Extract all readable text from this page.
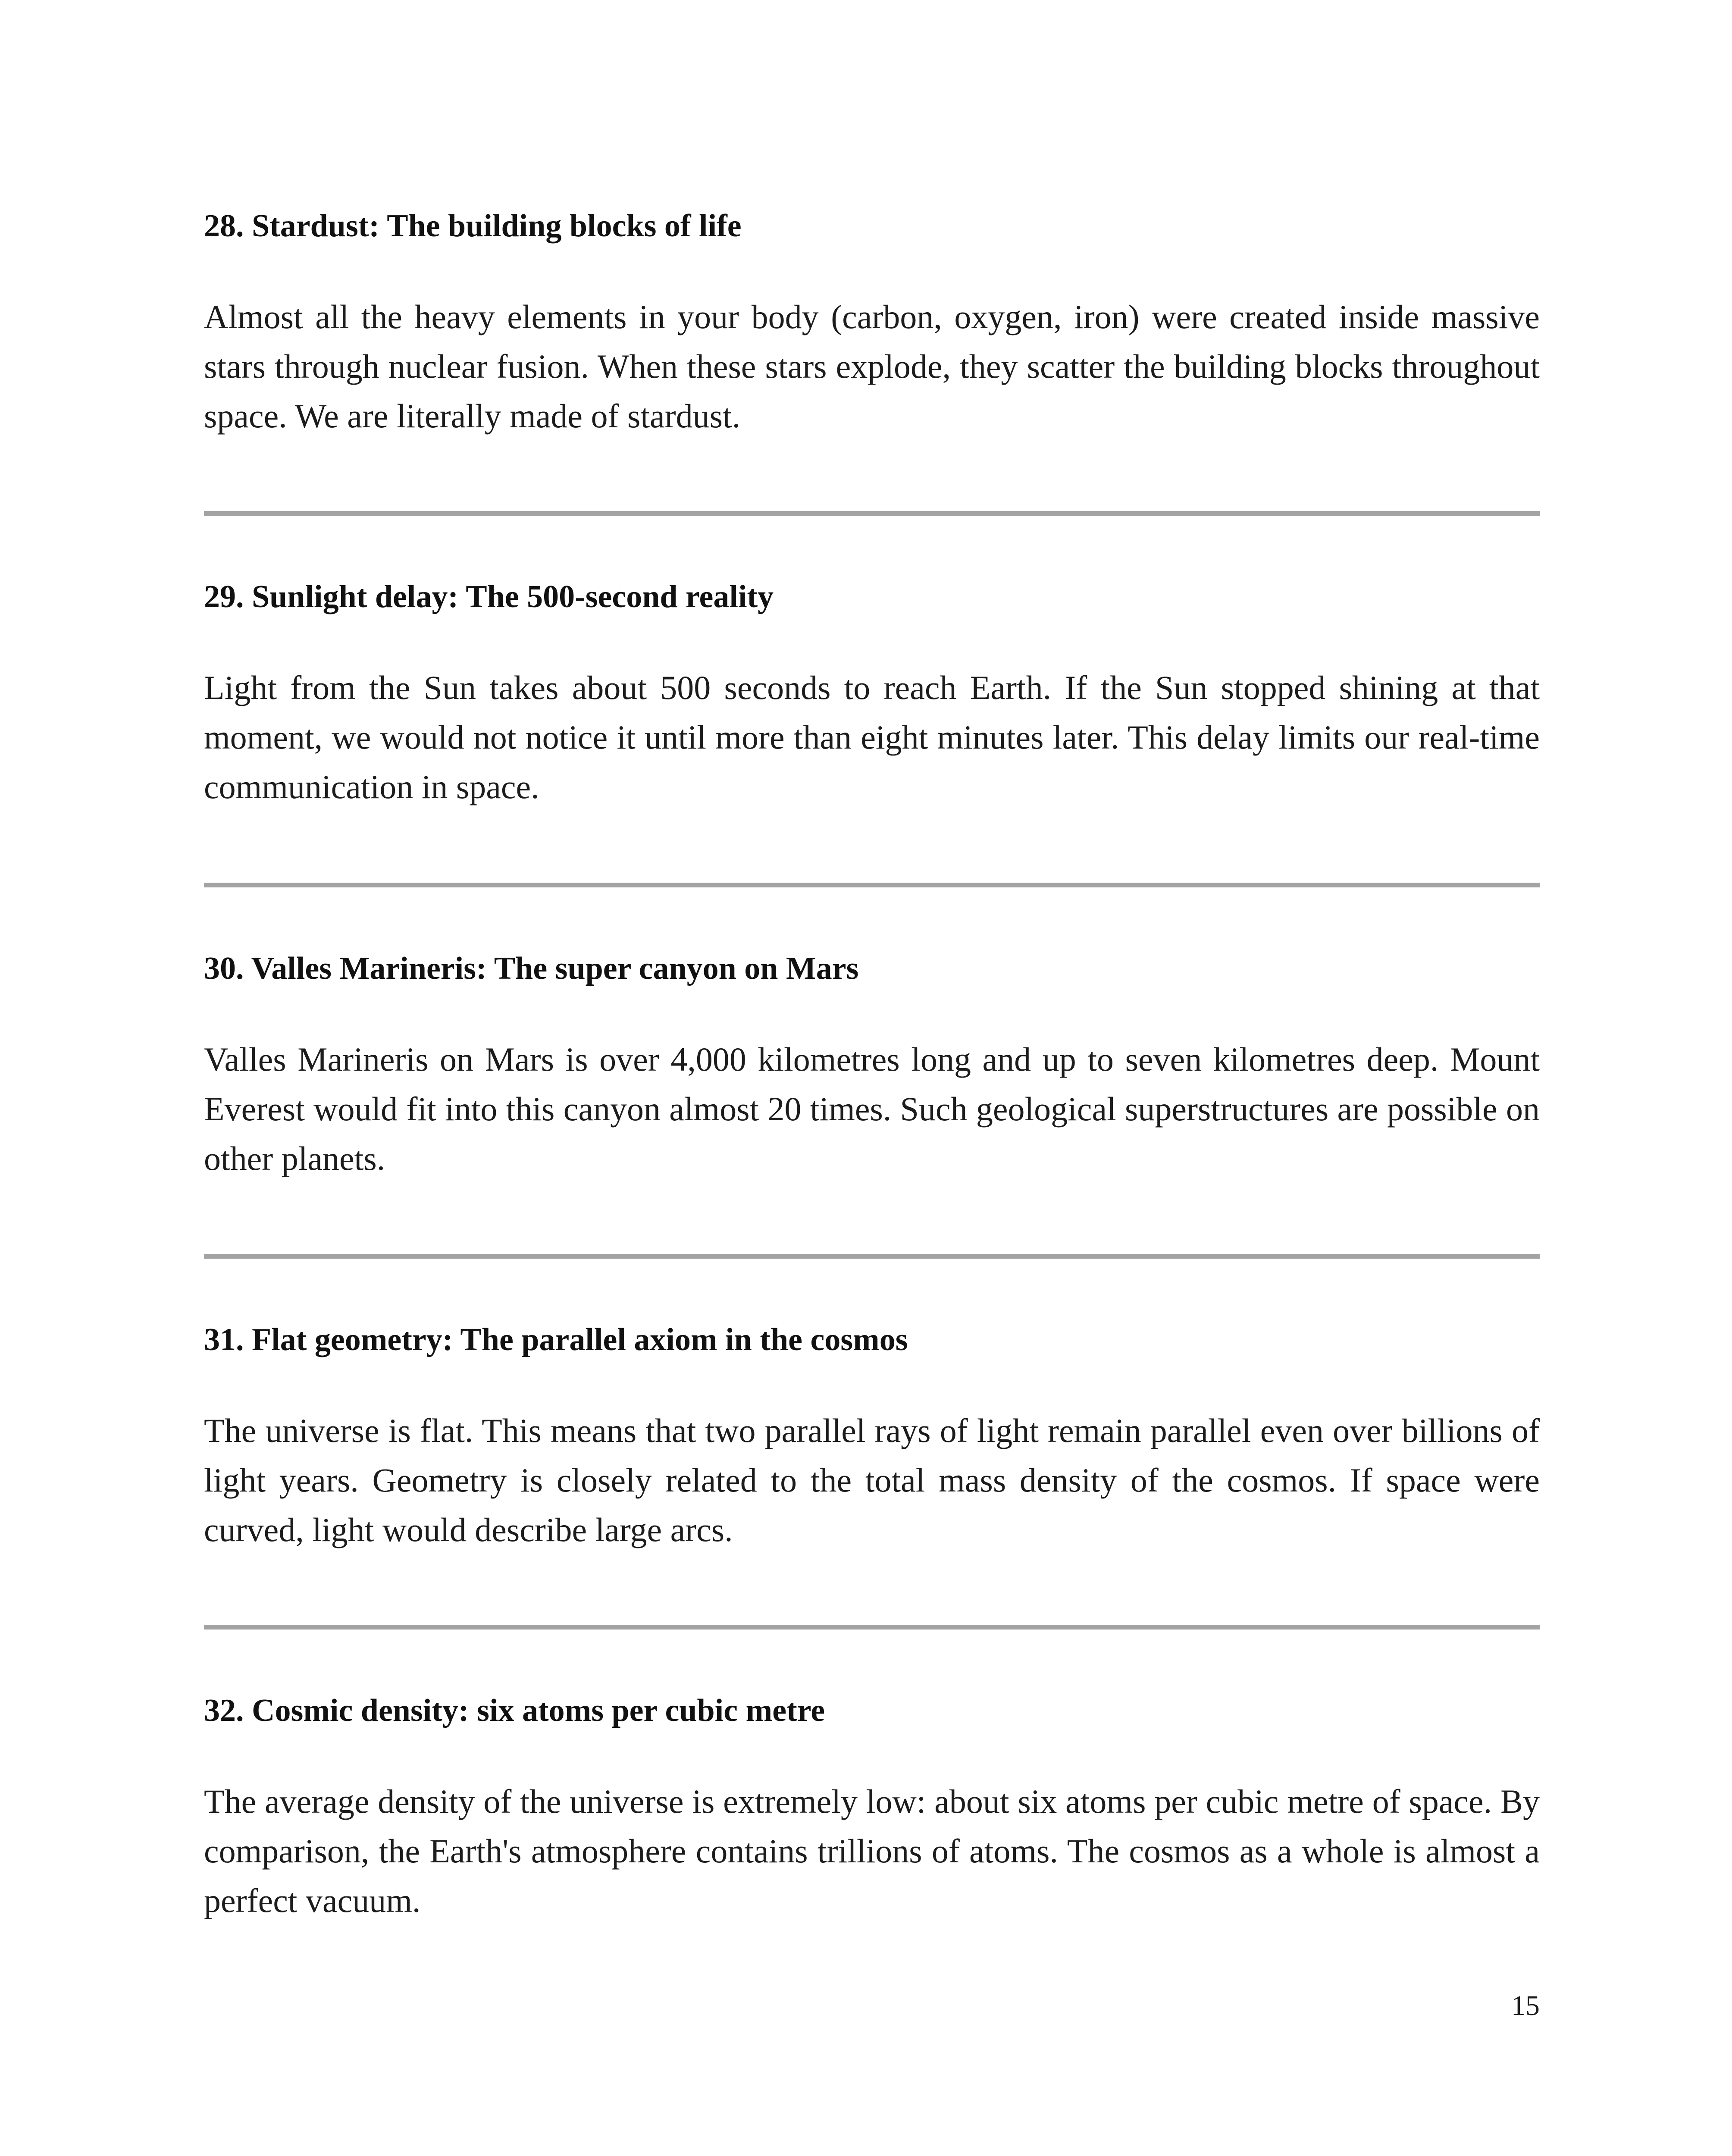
28. Stardust: The building blocks of life

Almost all the heavy elements in your body (carbon, oxygen, iron) were created inside massive stars through nuclear fusion. When these stars explode, they scatter the building blocks throughout space. We are literally made of stardust.

29. Sunlight delay: The 500-second reality

Light from the Sun takes about 500 seconds to reach Earth. If the Sun stopped shining at that moment, we would not notice it until more than eight minutes later. This delay limits our real-time communication in space.

30. Valles Marineris: The super canyon on Mars

Valles Marineris on Mars is over 4,000 kilometres long and up to seven kilometres deep. Mount Everest would fit into this canyon almost 20 times. Such geological superstructures are possible on other planets.

31. Flat geometry: The parallel axiom in the cosmos

The universe is flat. This means that two parallel rays of light remain parallel even over billions of light years. Geometry is closely related to the total mass density of the cosmos. If space were curved, light would describe large arcs.

32. Cosmic density: six atoms per cubic metre

The average density of the universe is extremely low: about six atoms per cubic metre of space. By comparison, the Earth's atmosphere contains trillions of atoms. The cosmos as a whole is almost a perfect vacuum.

15
